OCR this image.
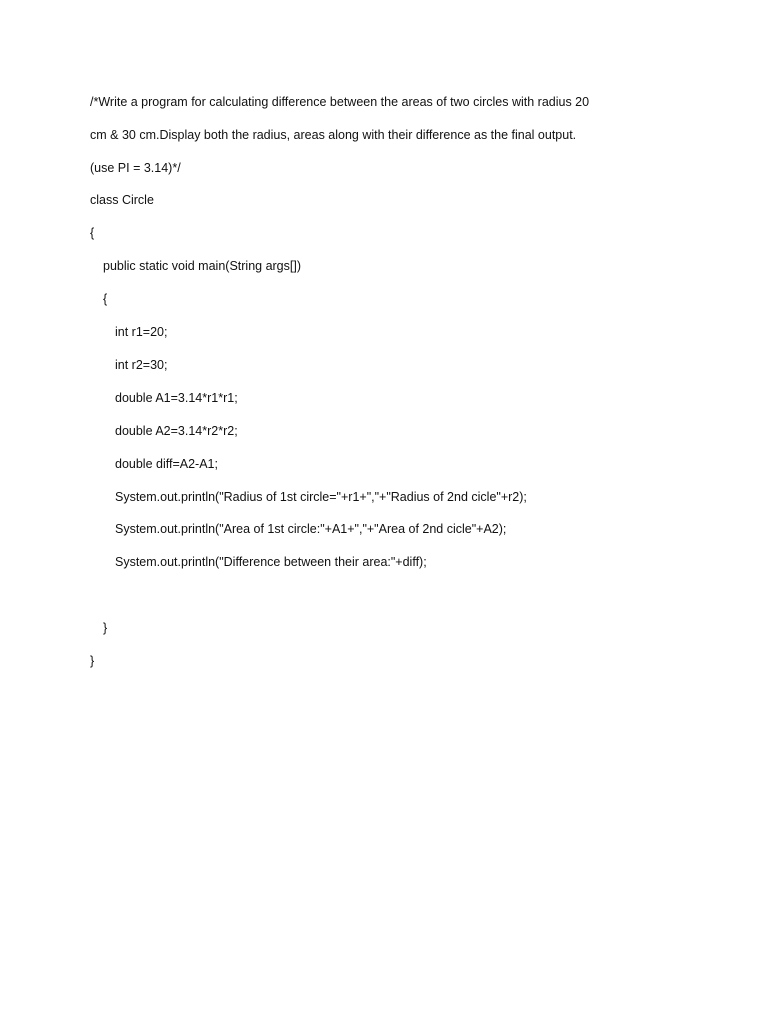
/*Write a program for calculating difference between the areas of two circles with radius 20
cm & 30 cm.Display both the radius, areas along with their difference as the final output.
(use PI = 3.14)*/
class Circle
{
public static void main(String args[])
{
int r1=20;
int r2=30;
double A1=3.14*r1*r1;
double A2=3.14*r2*r2;
double diff=A2-A1;
System.out.println("Radius of 1st circle="+r1+","+"Radius of 2nd cicle"+r2);
System.out.println("Area of 1st circle:"+A1+","+"Area of 2nd cicle"+A2);
System.out.println("Difference between their area:"+diff);
}
}
